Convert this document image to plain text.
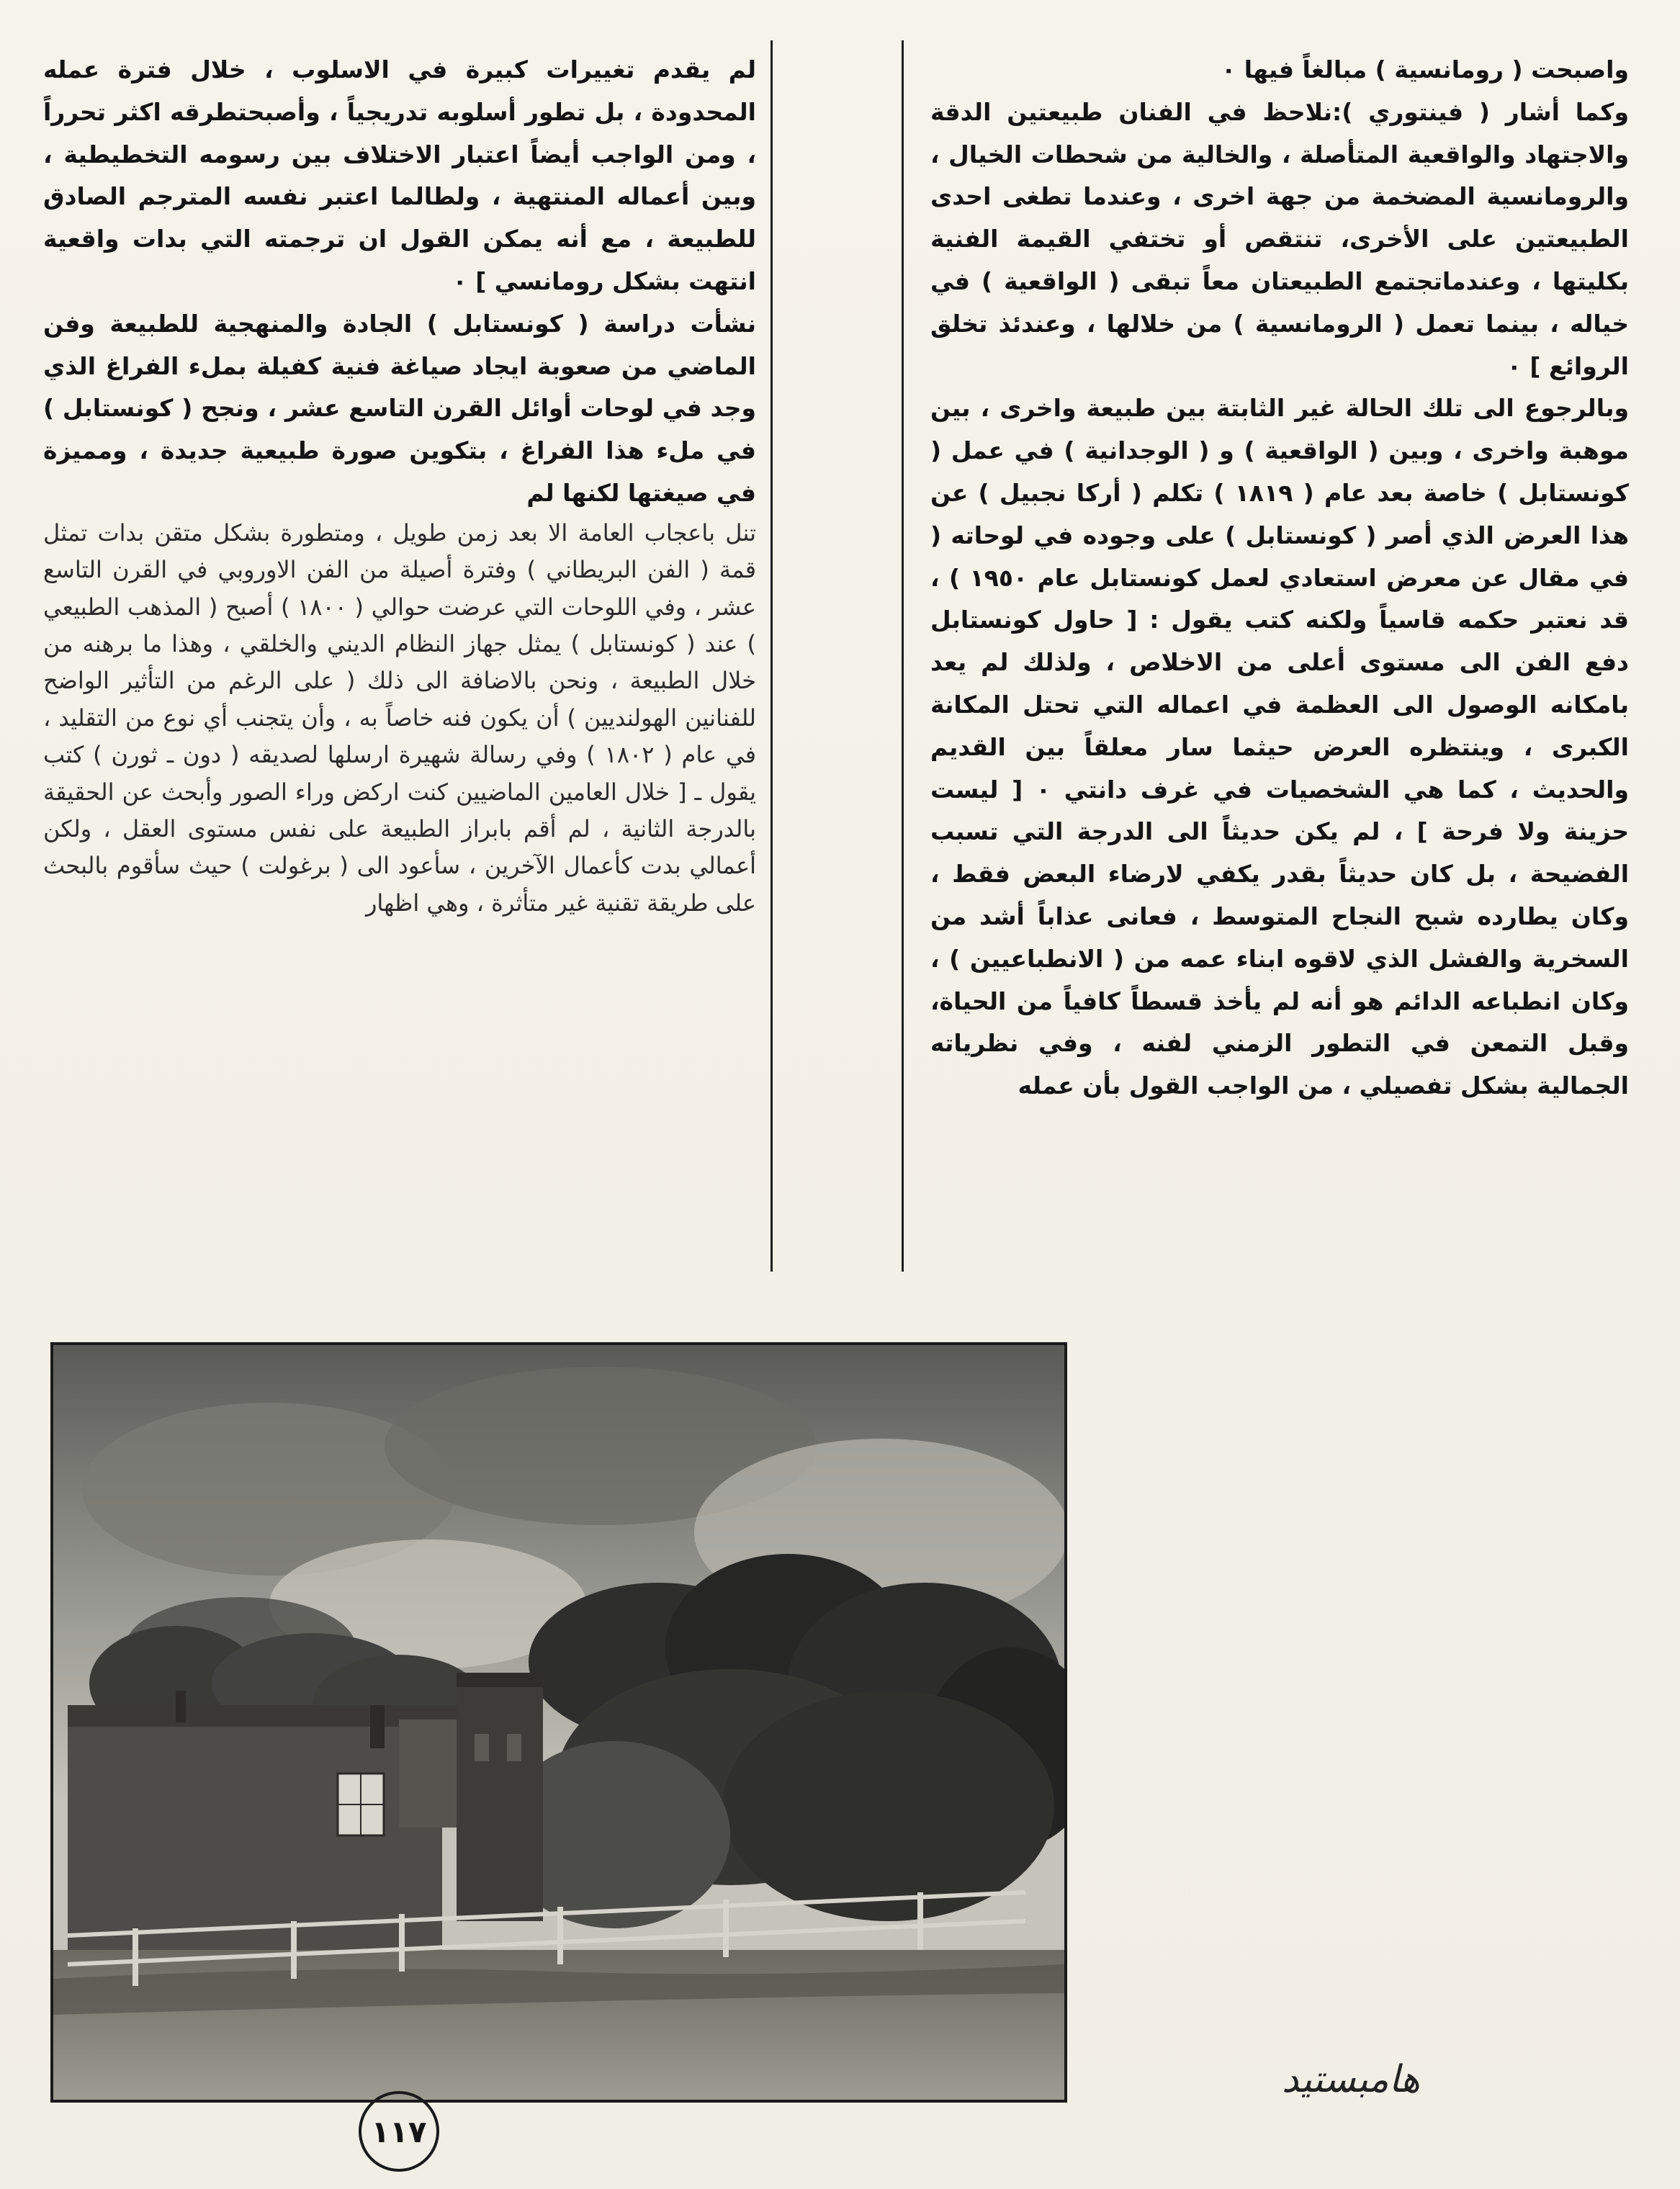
واصبحت ( رومانسية ) مبالغاً فيها ٠

وكما أشار ( فينتوري ):نلاحظ في الفنان طبيعتين الدقة والاجتهاد والواقعية المتأصلة ، والخالية من شحطات الخيال ، والرومانسية المضخمة من جهة اخرى ، وعندما تطغى احدى الطبيعتين على الأخرى، تنتقص أو تختفي القيمة الفنية بكليتها ، وعندماتجتمع الطبيعتان معاً تبقى ( الواقعية ) في خياله ، بينما تعمل ( الرومانسية ) من خلالها ، وعندئذ تخلق الروائع ] ٠

وبالرجوع الى تلك الحالة غير الثابتة بين طبيعة واخرى ، بين موهبة واخرى ، وبين ( الواقعية ) و ( الوجدانية ) في عمل ( كونستابل ) خاصة بعد عام ( ١٨١٩ ) تكلم ( أركا نجبيل ) عن هذا العرض الذي أصر ( كونستابل ) على وجوده في لوحاته ( في مقال عن معرض استعادي لعمل كونستابل عام ١٩٥٠ ) ، قد نعتبر حكمه قاسياً ولكنه كتب يقول : [ حاول كونستابل دفع الفن الى مستوى أعلى من الاخلاص ، ولذلك لم يعد بامكانه الوصول الى العظمة في اعماله التي تحتل المكانة الكبرى ، وينتظره العرض حيثما سار معلقاً بين القديم والحديث ، كما هي الشخصيات في غرف دانتي ٠ [ ليست حزينة ولا فرحة ] ، لم يكن حديثاً الى الدرجة التي تسبب الفضيحة ، بل كان حديثاً بقدر يكفي لارضاء البعض فقط ، وكان يطارده شبح النجاح المتوسط ، فعانى عذاباً أشد من السخرية والفشل الذي لاقوه ابناء عمه من ( الانطباعيين ) ، وكان انطباعه الدائم هو أنه لم يأخذ قسطاً كافياً من الحياة، وقبل التمعن في التطور الزمني لفنه ، وفي نظرياته الجمالية بشكل تفصيلي ، من الواجب القول بأن عمله

لم يقدم تغييرات كبيرة في الاسلوب ، خلال فترة عمله المحدودة ، بل تطور أسلوبه تدريجياً ، وأصبحتطرقه اكثر تحرراً ، ومن الواجب أيضاً اعتبار الاختلاف بين رسومه التخطيطية ، وبين أعماله المنتهية ، ولطالما اعتبر نفسه المترجم الصادق للطبيعة ، مع أنه يمكن القول ان ترجمته التي بدات واقعية انتهت بشكل رومانسي ] ٠

نشأت دراسة ( كونستابل ) الجادة والمنهجية للطبيعة وفن الماضي من صعوبة ايجاد صياغة فنية كفيلة بملء الفراغ الذي وجد في لوحات أوائل القرن التاسع عشر ، ونجح ( كونستابل ) في ملء هذا الفراغ ، بتكوين صورة طبيعية جديدة ، ومميزة في صيغتها لكنها لم

تنل باعجاب العامة الا بعد زمن طويل ، ومتطورة بشكل متقن بدات تمثل قمة ( الفن البريطاني ) وفترة أصيلة من الفن الاوروبي في القرن التاسع عشر ، وفي اللوحات التي عرضت حوالي ( ١٨٠٠ ) أصبح ( المذهب الطبيعي ) عند ( كونستابل ) يمثل جهاز النظام الديني والخلقي ، وهذا ما برهنه من خلال الطبيعة ، ونحن بالاضافة الى ذلك ( على الرغم من التأثير الواضح للفنانين الهولنديين ) أن يكون فنه خاصاً به ، وأن يتجنب أي نوع من التقليد ، في عام ( ١٨٠٢ ) وفي رسالة شهيرة ارسلها لصديقه ( دون ـ ثورن ) كتب يقول ـ [ خلال العامين الماضيين كنت اركض وراء الصور وأبحث عن الحقيقة بالدرجة الثانية ، لم أقم بابراز الطبيعة على نفس مستوى العقل ، ولكن أعمالي بدت كأعمال الآخرين ، سأعود الى ( برغولت ) حيث سأقوم بالبحث على طريقة تقنية غير متأثرة ، وهي اظهار

هامبستيد
١١٧
